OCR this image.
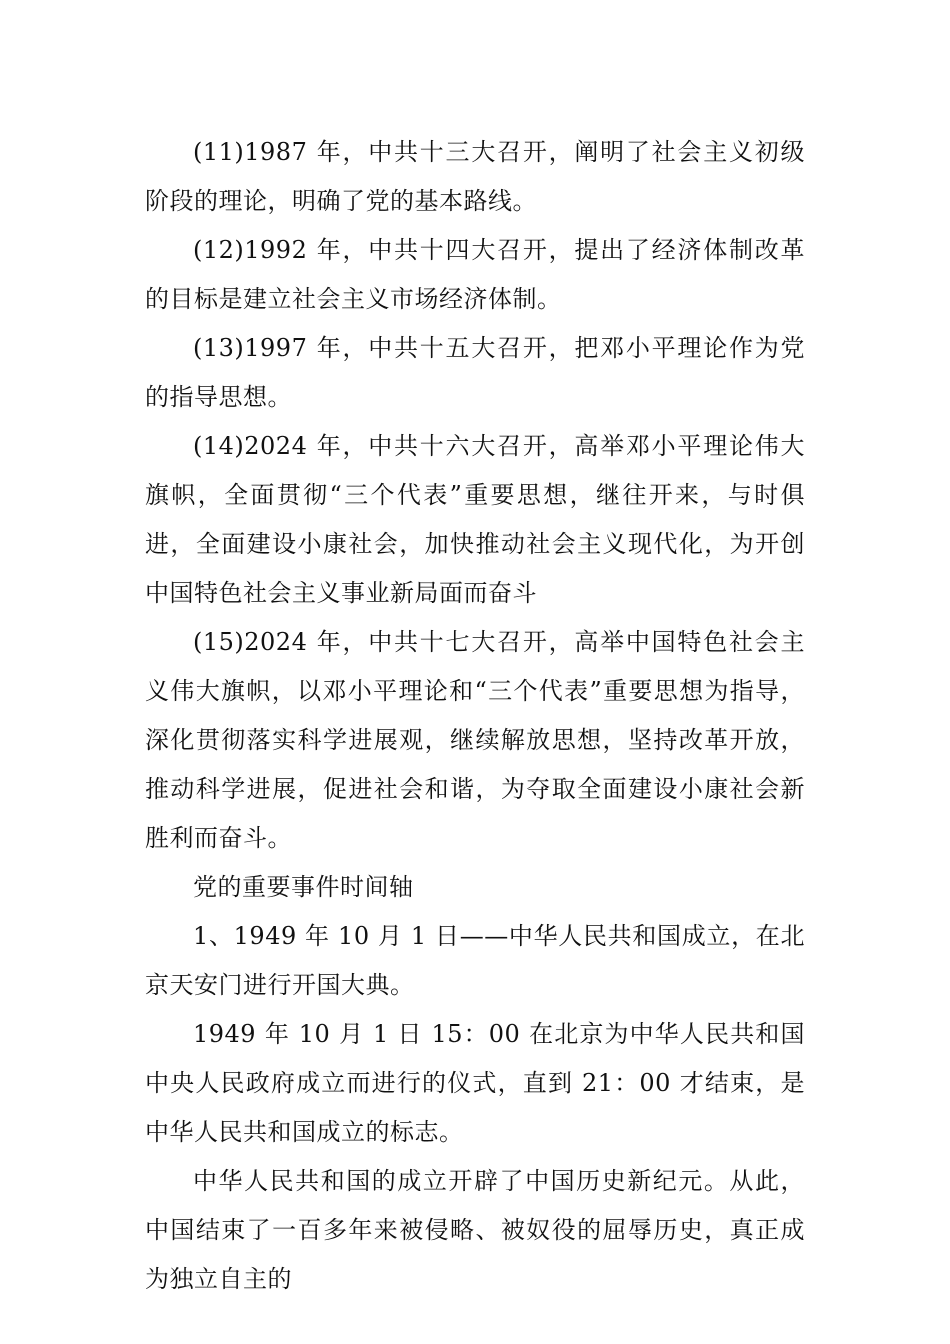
(11)1987 年，中共十三大召开，阐明了社会主义初级阶段的理论，明确了党的基本路线。

(12)1992 年，中共十四大召开，提出了经济体制改革的目标是建立社会主义市场经济体制。

(13)1997 年，中共十五大召开，把邓小平理论作为党的指导思想。

(14)2024 年，中共十六大召开，高举邓小平理论伟大旗帜，全面贯彻“三个代表”重要思想，继往开来，与时俱进，全面建设小康社会，加快推动社会主义现代化，为开创中国特色社会主义事业新局面而奋斗

(15)2024 年，中共十七大召开，高举中国特色社会主义伟大旗帜，以邓小平理论和“三个代表”重要思想为指导，深化贯彻落实科学进展观，继续解放思想，坚持改革开放，推动科学进展，促进社会和谐，为夺取全面建设小康社会新胜利而奋斗。

党的重要事件时间轴

1、1949 年 10 月 1 日——中华人民共和国成立，在北京天安门进行开国大典。

1949 年 10 月 1 日 15：00 在北京为中华人民共和国中央人民政府成立而进行的仪式，直到 21：00 才结束，是中华人民共和国成立的标志。

中华人民共和国的成立开辟了中国历史新纪元。从此，中国结束了一百多年来被侵略、被奴役的屈辱历史，真正成为独立自主的
